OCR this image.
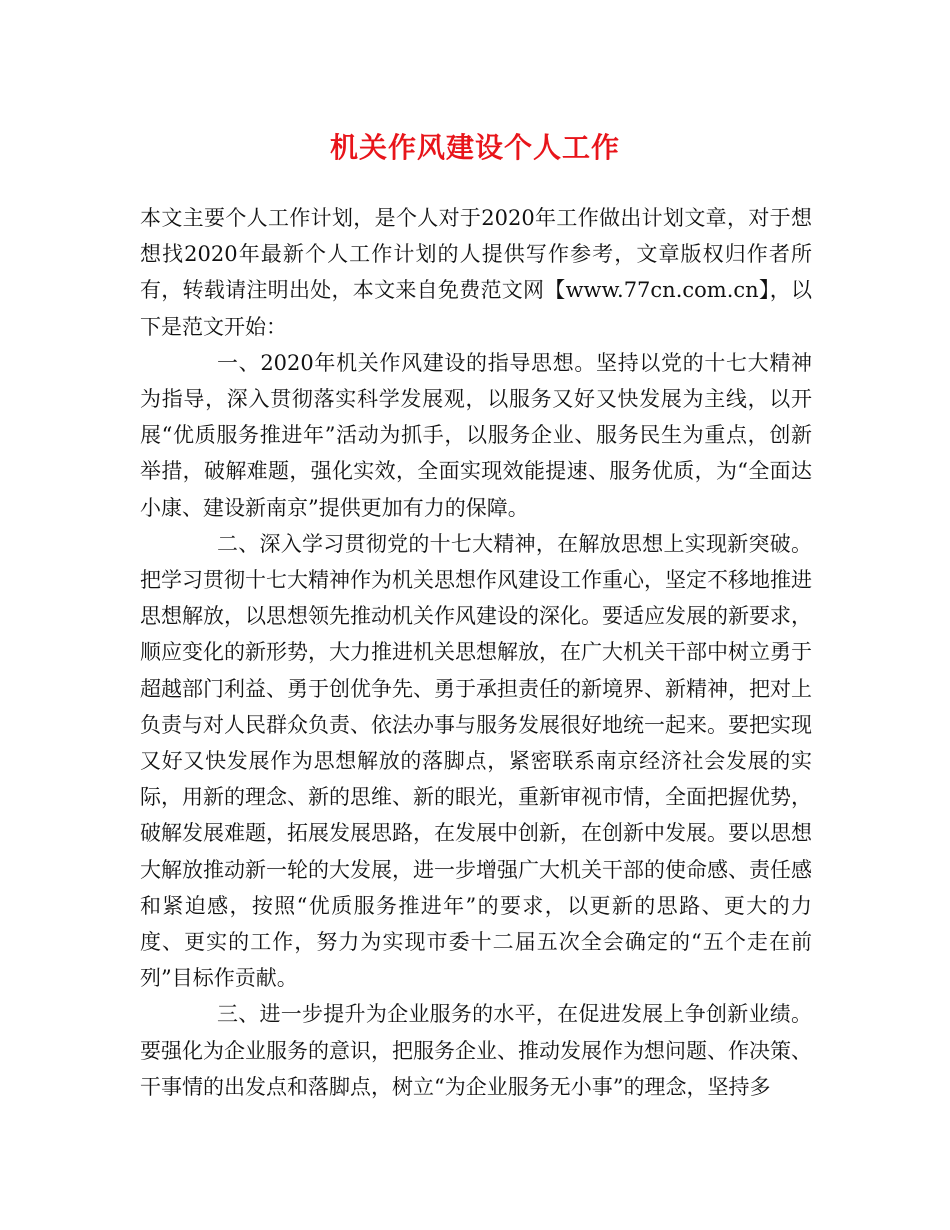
机关作风建设个人工作

本文主要个人工作计划，是个人对于2020年工作做出计划文章，对于想想找2020年最新个人工作计划的人提供写作参考，文章版权归作者所有，转载请注明出处，本文来自免费范文网【www.77cn.com.cn】，以下是范文开始：

一、2020年机关作风建设的指导思想。坚持以党的十七大精神为指导，深入贯彻落实科学发展观，以服务又好又快发展为主线，以开展“优质服务推进年”活动为抓手，以服务企业、服务民生为重点，创新举措，破解难题，强化实效，全面实现效能提速、服务优质，为“全面达小康、建设新南京”提供更加有力的保障。

二、深入学习贯彻党的十七大精神，在解放思想上实现新突破。把学习贯彻十七大精神作为机关思想作风建设工作重心，坚定不移地推进思想解放，以思想领先推动机关作风建设的深化。要适应发展的新要求，顺应变化的新形势，大力推进机关思想解放，在广大机关干部中树立勇于超越部门利益、勇于创优争先、勇于承担责任的新境界、新精神，把对上负责与对人民群众负责、依法办事与服务发展很好地统一起来。要把实现又好又快发展作为思想解放的落脚点，紧密联系南京经济社会发展的实际，用新的理念、新的思维、新的眼光，重新审视市情，全面把握优势，破解发展难题，拓展发展思路，在发展中创新，在创新中发展。要以思想大解放推动新一轮的大发展，进一步增强广大机关干部的使命感、责任感和紧迫感，按照“优质服务推进年”的要求，以更新的思路、更大的力度、更实的工作，努力为实现市委十二届五次全会确定的“五个走在前列”目标作贡献。

三、进一步提升为企业服务的水平，在促进发展上争创新业绩。要强化为企业服务的意识，把服务企业、推动发展作为想问题、作决策、干事情的出发点和落脚点，树立“为企业服务无小事”的理念，坚持多
